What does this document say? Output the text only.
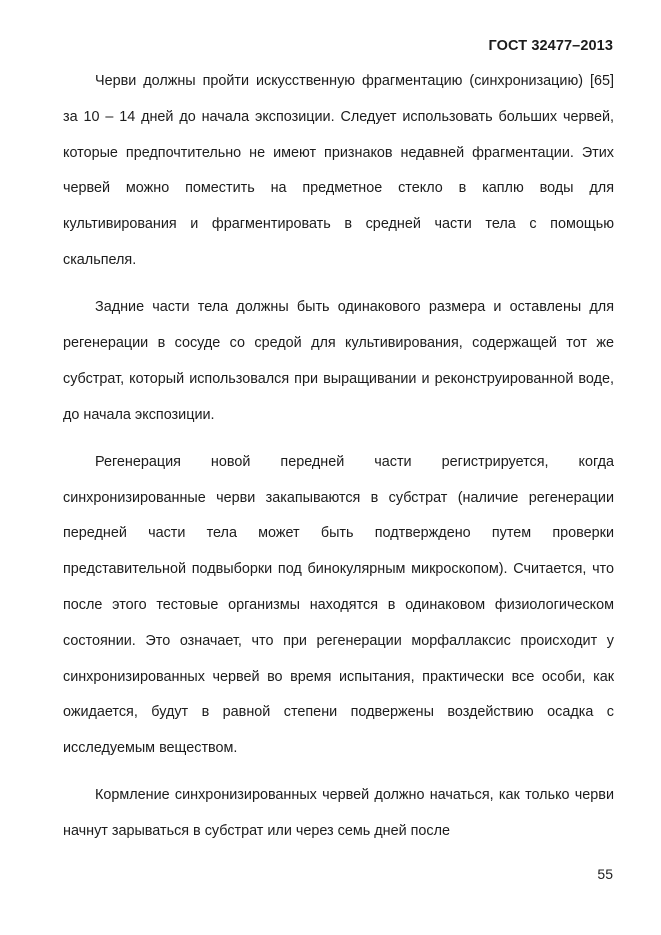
ГОСТ 32477–2013

Черви должны пройти искусственную фрагментацию (синхронизацию) [65] за 10 – 14 дней до начала экспозиции. Следует использовать больших червей, которые предпочтительно не имеют признаков недавней фрагментации. Этих червей можно поместить на предметное стекло в каплю воды для культивирования и фрагментировать в средней части тела с помощью скальпеля.

Задние части тела должны быть одинакового размера и оставлены для регенерации в сосуде со средой для культивирования, содержащей тот же субстрат, который использовался при выращивании и реконструированной воде, до начала экспозиции.

Регенерация новой передней части регистрируется, когда синхронизированные черви закапываются в субстрат (наличие регенерации передней части тела может быть подтверждено путем проверки представительной подвыборки под бинокулярным микроскопом). Считается, что после этого тестовые организмы находятся в одинаковом физиологическом состоянии. Это означает, что при регенерации морфаллаксис происходит у синхронизированных червей во время испытания, практически все особи, как ожидается, будут в равной степени подвержены воздействию осадка с исследуемым веществом.

Кормление синхронизированных червей должно начаться, как только черви начнут зарываться в субстрат или через семь дней после

55
